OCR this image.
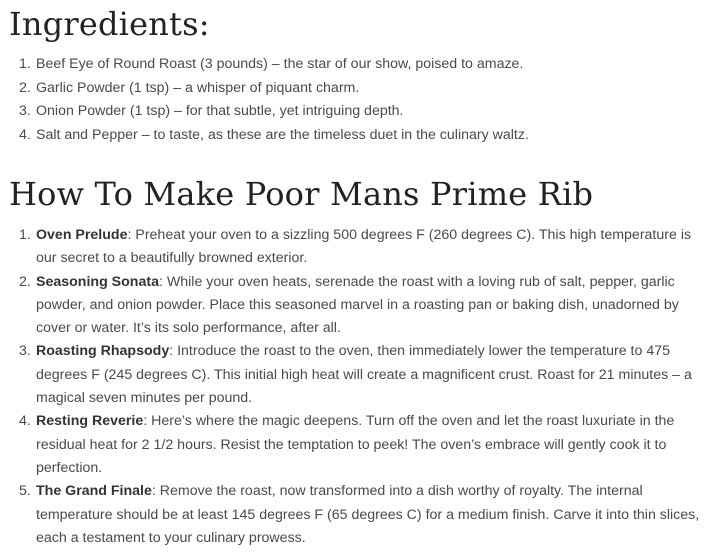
Ingredients:
1. Beef Eye of Round Roast (3 pounds) – the star of our show, poised to amaze.
2. Garlic Powder (1 tsp) – a whisper of piquant charm.
3. Onion Powder (1 tsp) – for that subtle, yet intriguing depth.
4. Salt and Pepper – to taste, as these are the timeless duet in the culinary waltz.
How To Make Poor Mans Prime Rib
1. Oven Prelude: Preheat your oven to a sizzling 500 degrees F (260 degrees C). This high temperature is our secret to a beautifully browned exterior.
2. Seasoning Sonata: While your oven heats, serenade the roast with a loving rub of salt, pepper, garlic powder, and onion powder. Place this seasoned marvel in a roasting pan or baking dish, unadorned by cover or water. It’s its solo performance, after all.
3. Roasting Rhapsody: Introduce the roast to the oven, then immediately lower the temperature to 475 degrees F (245 degrees C). This initial high heat will create a magnificent crust. Roast for 21 minutes – a magical seven minutes per pound.
4. Resting Reverie: Here’s where the magic deepens. Turn off the oven and let the roast luxuriate in the residual heat for 2 1/2 hours. Resist the temptation to peek! The oven’s embrace will gently cook it to perfection.
5. The Grand Finale: Remove the roast, now transformed into a dish worthy of royalty. The internal temperature should be at least 145 degrees F (65 degrees C) for a medium finish. Carve it into thin slices, each a testament to your culinary prowess.
